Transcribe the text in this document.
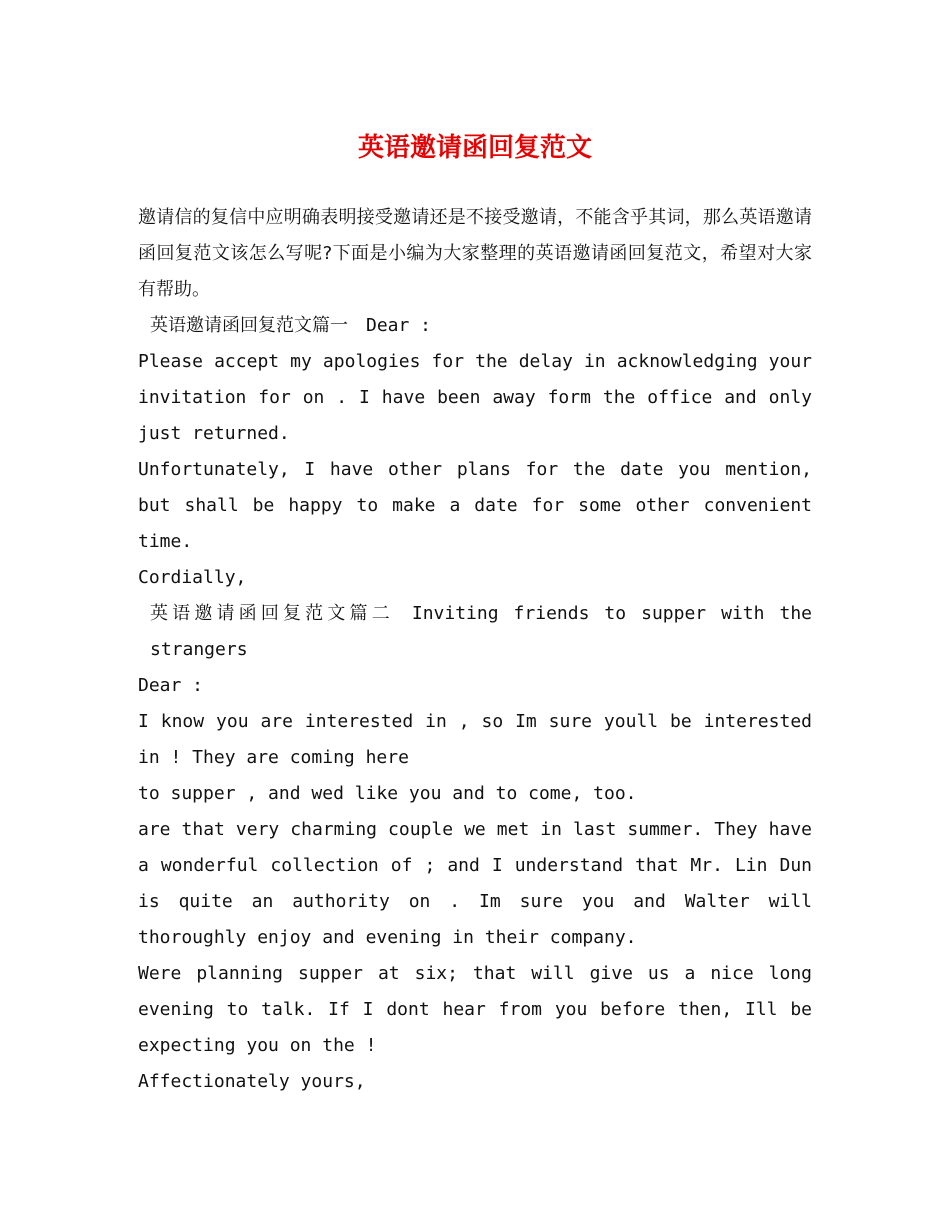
英语邀请函回复范文

邀请信的复信中应明确表明接受邀请还是不接受邀请，不能含乎其词，那么英语邀请函回复范文该怎么写呢?下面是小编为大家整理的英语邀请函回复范文，希望对大家有帮助。

英语邀请函回复范文篇一 Dear :

Please accept my apologies for the delay in acknowledging your invitation for on . I have been away form the office and only just returned.

Unfortunately, I have other plans for the date you mention, but shall be happy to make a date for some other convenient time.

Cordially,

英语邀请函回复范文篇二 Inviting friends to supper with the strangers

Dear :

I know you are interested in , so Im sure youll be interested in ! They are coming here

to supper , and wed like you and to come, too.

are that very charming couple we met in last summer. They have a wonderful collection of ; and I understand that Mr. Lin Dun is quite an authority on . Im sure you and Walter will thoroughly enjoy and evening in their company.

Were planning supper at six; that will give us a nice long evening to talk. If I dont hear from you before then, Ill be expecting you on the !

Affectionately yours,
